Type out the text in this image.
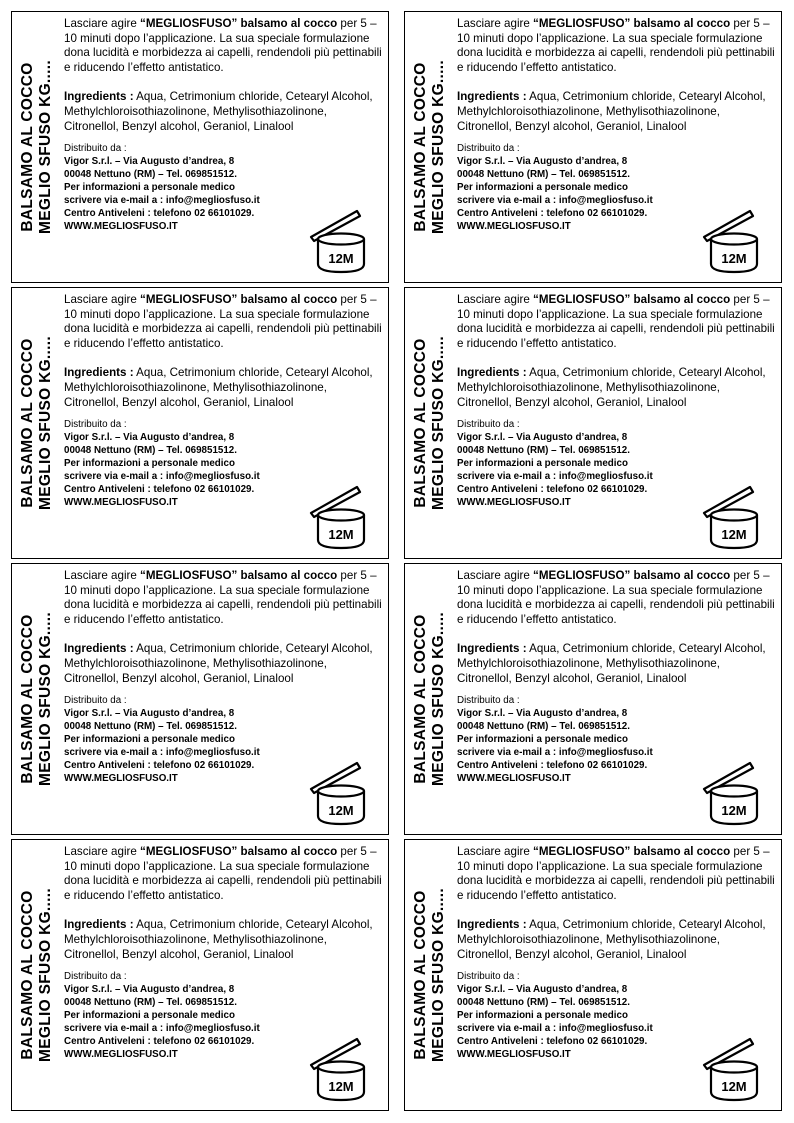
BALSAMO AL COCCO MEGLIO SFUSO KG.....
Lasciare agire “MEGLIOSFUSO” balsamo al cocco per 5 – 10 minuti dopo l’applicazione. La sua speciale formulazione dona lucidità e morbidezza ai capelli, rendendoli più pettinabili e riducendo l’effetto antistatico.
Ingredients : Aqua, Cetrimonium chloride, Cetearyl Alcohol, Methylchloroisothiazolinone, Methylisothiazolinone, Citronellol, Benzyl alcohol, Geraniol, Linalool
Distribuito da :
Vigor S.r.l. – Via Augusto d’andrea, 8
00048 Nettuno (RM) – Tel. 069851512.
Per informazioni a personale medico
scrivere via e-mail a : info@megliosfuso.it
Centro Antiveleni : telefono 02 66101029.
WWW.MEGLIOSFUSO.IT
12M
BALSAMO AL COCCO MEGLIO SFUSO KG.....
Lasciare agire “MEGLIOSFUSO” balsamo al cocco per 5 – 10 minuti dopo l’applicazione. La sua speciale formulazione dona lucidità e morbidezza ai capelli, rendendoli più pettinabili e riducendo l’effetto antistatico.
Ingredients : Aqua, Cetrimonium chloride, Cetearyl Alcohol, Methylchloroisothiazolinone, Methylisothiazolinone, Citronellol, Benzyl alcohol, Geraniol, Linalool
Distribuito da :
Vigor S.r.l. – Via Augusto d’andrea, 8
00048 Nettuno (RM) – Tel. 069851512.
Per informazioni a personale medico
scrivere via e-mail a : info@megliosfuso.it
Centro Antiveleni : telefono 02 66101029.
WWW.MEGLIOSFUSO.IT
12M
BALSAMO AL COCCO MEGLIO SFUSO KG.....
Lasciare agire “MEGLIOSFUSO” balsamo al cocco per 5 – 10 minuti dopo l’applicazione. La sua speciale formulazione dona lucidità e morbidezza ai capelli, rendendoli più pettinabili e riducendo l’effetto antistatico.
Ingredients : Aqua, Cetrimonium chloride, Cetearyl Alcohol, Methylchloroisothiazolinone, Methylisothiazolinone, Citronellol, Benzyl alcohol, Geraniol, Linalool
Distribuito da :
Vigor S.r.l. – Via Augusto d’andrea, 8
00048 Nettuno (RM) – Tel. 069851512.
Per informazioni a personale medico
scrivere via e-mail a : info@megliosfuso.it
Centro Antiveleni : telefono 02 66101029.
WWW.MEGLIOSFUSO.IT
12M
BALSAMO AL COCCO MEGLIO SFUSO KG.....
Lasciare agire “MEGLIOSFUSO” balsamo al cocco per 5 – 10 minuti dopo l’applicazione. La sua speciale formulazione dona lucidità e morbidezza ai capelli, rendendoli più pettinabili e riducendo l’effetto antistatico.
Ingredients : Aqua, Cetrimonium chloride, Cetearyl Alcohol, Methylchloroisothiazolinone, Methylisothiazolinone, Citronellol, Benzyl alcohol, Geraniol, Linalool
Distribuito da :
Vigor S.r.l. – Via Augusto d’andrea, 8
00048 Nettuno (RM) – Tel. 069851512.
Per informazioni a personale medico
scrivere via e-mail a : info@megliosfuso.it
Centro Antiveleni : telefono 02 66101029.
WWW.MEGLIOSFUSO.IT
12M
BALSAMO AL COCCO MEGLIO SFUSO KG.....
Lasciare agire “MEGLIOSFUSO” balsamo al cocco per 5 – 10 minuti dopo l’applicazione. La sua speciale formulazione dona lucidità e morbidezza ai capelli, rendendoli più pettinabili e riducendo l’effetto antistatico.
Ingredients : Aqua, Cetrimonium chloride, Cetearyl Alcohol, Methylchloroisothiazolinone, Methylisothiazolinone, Citronellol, Benzyl alcohol, Geraniol, Linalool
Distribuito da :
Vigor S.r.l. – Via Augusto d’andrea, 8
00048 Nettuno (RM) – Tel. 069851512.
Per informazioni a personale medico
scrivere via e-mail a : info@megliosfuso.it
Centro Antiveleni : telefono 02 66101029.
WWW.MEGLIOSFUSO.IT
12M
BALSAMO AL COCCO MEGLIO SFUSO KG.....
Lasciare agire “MEGLIOSFUSO” balsamo al cocco per 5 – 10 minuti dopo l’applicazione. La sua speciale formulazione dona lucidità e morbidezza ai capelli, rendendoli più pettinabili e riducendo l’effetto antistatico.
Ingredients : Aqua, Cetrimonium chloride, Cetearyl Alcohol, Methylchloroisothiazolinone, Methylisothiazolinone, Citronellol, Benzyl alcohol, Geraniol, Linalool
Distribuito da :
Vigor S.r.l. – Via Augusto d’andrea, 8
00048 Nettuno (RM) – Tel. 069851512.
Per informazioni a personale medico
scrivere via e-mail a : info@megliosfuso.it
Centro Antiveleni : telefono 02 66101029.
WWW.MEGLIOSFUSO.IT
12M
BALSAMO AL COCCO MEGLIO SFUSO KG.....
Lasciare agire “MEGLIOSFUSO” balsamo al cocco per 5 – 10 minuti dopo l’applicazione. La sua speciale formulazione dona lucidità e morbidezza ai capelli, rendendoli più pettinabili e riducendo l’effetto antistatico.
Ingredients : Aqua, Cetrimonium chloride, Cetearyl Alcohol, Methylchloroisothiazolinone, Methylisothiazolinone, Citronellol, Benzyl alcohol, Geraniol, Linalool
Distribuito da :
Vigor S.r.l. – Via Augusto d’andrea, 8
00048 Nettuno (RM) – Tel. 069851512.
Per informazioni a personale medico
scrivere via e-mail a : info@megliosfuso.it
Centro Antiveleni : telefono 02 66101029.
WWW.MEGLIOSFUSO.IT
12M
BALSAMO AL COCCO MEGLIO SFUSO KG.....
Lasciare agire “MEGLIOSFUSO” balsamo al cocco per 5 – 10 minuti dopo l’applicazione. La sua speciale formulazione dona lucidità e morbidezza ai capelli, rendendoli più pettinabili e riducendo l’effetto antistatico.
Ingredients : Aqua, Cetrimonium chloride, Cetearyl Alcohol, Methylchloroisothiazolinone, Methylisothiazolinone, Citronellol, Benzyl alcohol, Geraniol, Linalool
Distribuito da :
Vigor S.r.l. – Via Augusto d’andrea, 8
00048 Nettuno (RM) – Tel. 069851512.
Per informazioni a personale medico
scrivere via e-mail a : info@megliosfuso.it
Centro Antiveleni : telefono 02 66101029.
WWW.MEGLIOSFUSO.IT
12M
